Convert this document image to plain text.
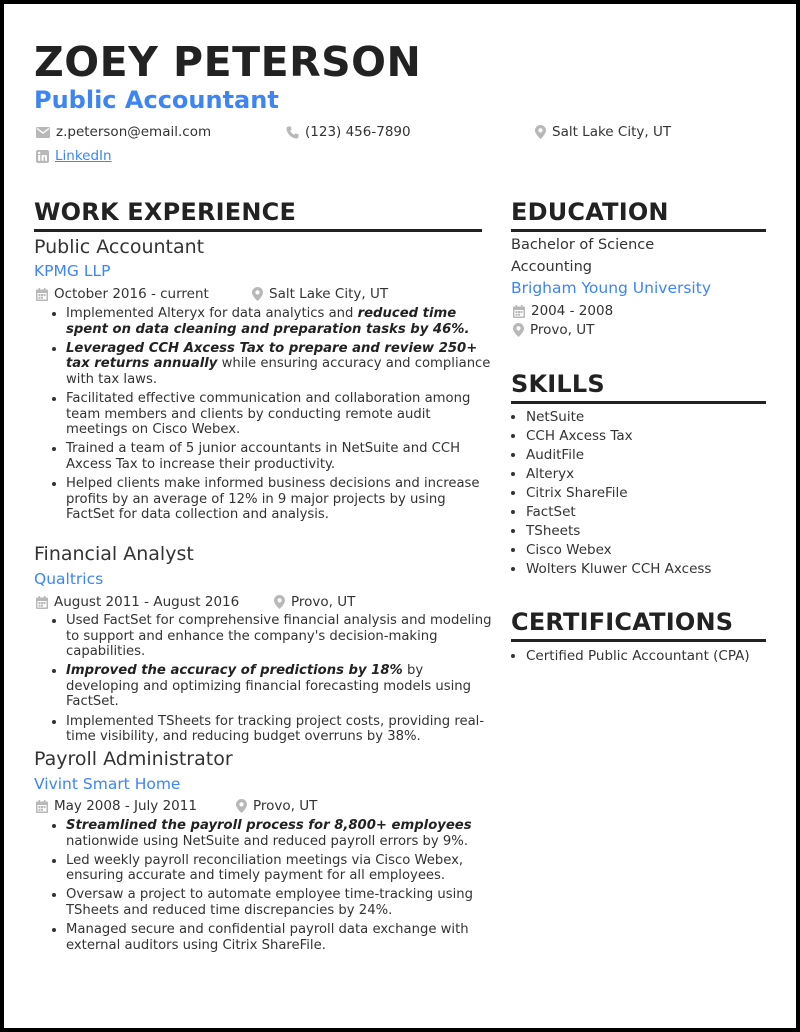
ZOEY PETERSON
Public Accountant
z.peterson@email.com	(123) 456-7890	Salt Lake City, UT
LinkedIn
WORK EXPERIENCE
Public Accountant
KPMG LLP
October 2016 - current	Salt Lake City, UT
• Implemented Alteryx for data analytics and reduced time spent on data cleaning and preparation tasks by 46%.
• Leveraged CCH Axcess Tax to prepare and review 250+ tax returns annually while ensuring accuracy and compliance with tax laws.
• Facilitated effective communication and collaboration among team members and clients by conducting remote audit meetings on Cisco Webex.
• Trained a team of 5 junior accountants in NetSuite and CCH Axcess Tax to increase their productivity.
• Helped clients make informed business decisions and increase profits by an average of 12% in 9 major projects by using FactSet for data collection and analysis.
Financial Analyst
Qualtrics
August 2011 - August 2016	Provo, UT
• Used FactSet for comprehensive financial analysis and modeling to support and enhance the company's decision-making capabilities.
• Improved the accuracy of predictions by 18% by developing and optimizing financial forecasting models using FactSet.
• Implemented TSheets for tracking project costs, providing real-time visibility, and reducing budget overruns by 38%.
Payroll Administrator
Vivint Smart Home
May 2008 - July 2011	Provo, UT
• Streamlined the payroll process for 8,800+ employees nationwide using NetSuite and reduced payroll errors by 9%.
• Led weekly payroll reconciliation meetings via Cisco Webex, ensuring accurate and timely payment for all employees.
• Oversaw a project to automate employee time-tracking using TSheets and reduced time discrepancies by 24%.
• Managed secure and confidential payroll data exchange with external auditors using Citrix ShareFile.
EDUCATION
Bachelor of Science
Accounting
Brigham Young University
2004 - 2008
Provo, UT
SKILLS
• NetSuite
• CCH Axcess Tax
• AuditFile
• Alteryx
• Citrix ShareFile
• FactSet
• TSheets
• Cisco Webex
• Wolters Kluwer CCH Axcess
CERTIFICATIONS
• Certified Public Accountant (CPA)
